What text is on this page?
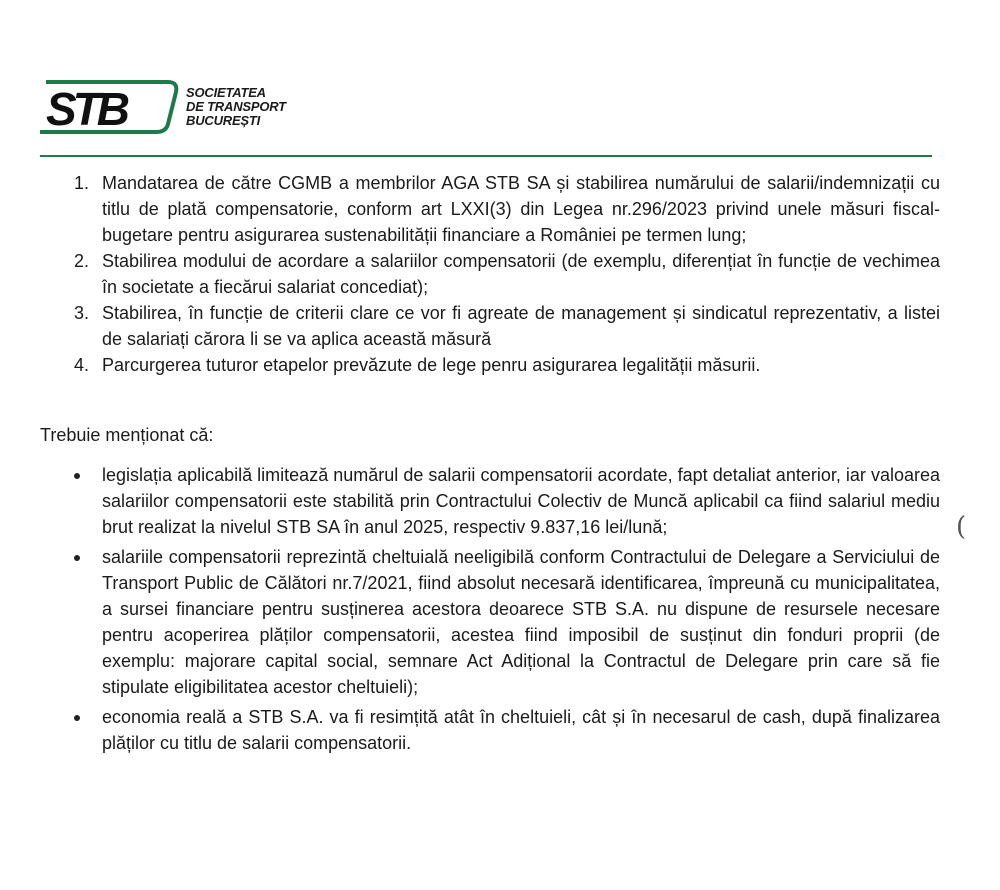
STB	SOCIETATEA
DE TRANSPORT
BUCUREȘTI
1. Mandatarea de către CGMB a membrilor AGA STB SA și stabilirea numărului de salarii/indemnizații cu titlu de plată compensatorie, conform art LXXI(3) din Legea nr.296/2023 privind unele măsuri fiscal-bugetare pentru asigurarea sustenabilității financiare a României pe termen lung;
2. Stabilirea modului de acordare a salariilor compensatorii (de exemplu, diferențiat în funcție de vechimea în societate a fiecărui salariat concediat);
3. Stabilirea, în funcție de criterii clare ce vor fi agreate de management și sindicatul reprezentativ, a listei de salariați cărora li se va aplica această măsură
4. Parcurgerea tuturor etapelor prevăzute de lege penru asigurarea legalității măsurii.
Trebuie menționat că:
legislația aplicabilă limitează numărul de salarii compensatorii acordate, fapt detaliat anterior, iar valoarea salariilor compensatorii este stabilită prin Contractului Colectiv de Muncă aplicabil ca fiind salariul mediu brut realizat la nivelul STB SA în anul 2025, respectiv 9.837,16 lei/lună;
salariile compensatorii reprezintă cheltuială neeligibilă conform Contractului de Delegare a Serviciului de Transport Public de Călători nr.7/2021, fiind absolut necesară identificarea, împreună cu municipalitatea, a sursei financiare pentru susținerea acestora deoarece STB S.A. nu dispune de resursele necesare pentru acoperirea plăților compensatorii, acestea fiind imposibil de susținut din fonduri proprii (de exemplu: majorare capital social, semnare Act Adițional la Contractul de Delegare prin care să fie stipulate eligibilitatea acestor cheltuieli);
economia reală a STB S.A. va fi resimțită atât în cheltuieli, cât și în necesarul de cash, după finalizarea plăților cu titlu de salarii compensatorii.
(
